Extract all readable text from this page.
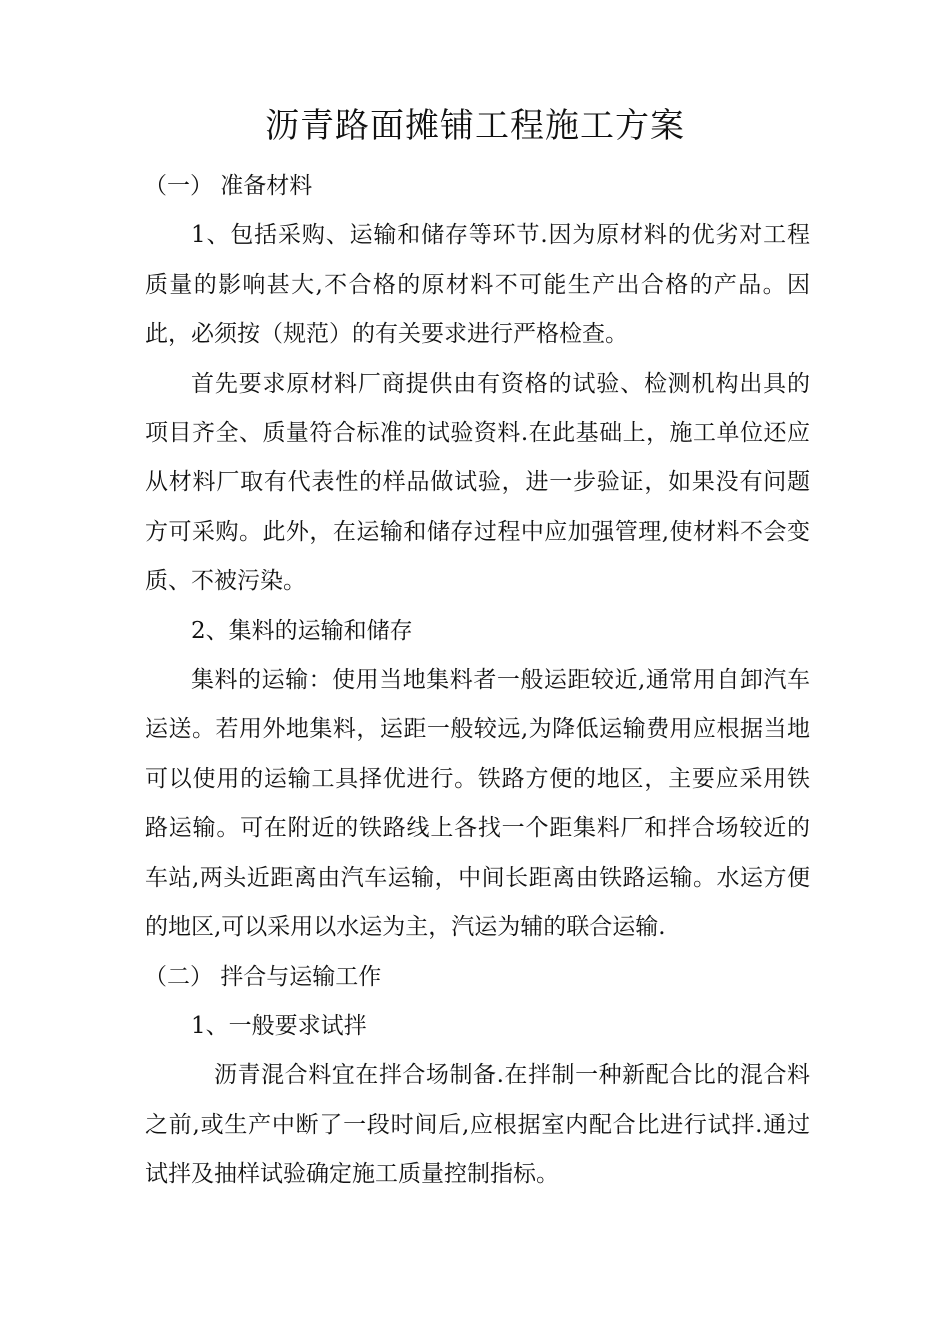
沥青路面摊铺工程施工方案

（一） 准备材料

1、包括采购、运输和储存等环节.因为原材料的优劣对工程质量的影响甚大,不合格的原材料不可能生产出合格的产品。因此，必须按（规范）的有关要求进行严格检查。

首先要求原材料厂商提供由有资格的试验、检测机构出具的项目齐全、质量符合标准的试验资料.在此基础上，施工单位还应从材料厂取有代表性的样品做试验，进一步验证，如果没有问题方可采购。此外，在运输和储存过程中应加强管理,使材料不会变质、不被污染。

2、集料的运输和储存

集料的运输：使用当地集料者一般运距较近,通常用自卸汽车运送。若用外地集料，运距一般较远,为降低运输费用应根据当地可以使用的运输工具择优进行。铁路方便的地区，主要应采用铁路运输。可在附近的铁路线上各找一个距集料厂和拌合场较近的车站,两头近距离由汽车运输，中间长距离由铁路运输。水运方便的地区,可以采用以水运为主，汽运为辅的联合运输.

（二） 拌合与运输工作

1、一般要求试拌

沥青混合料宜在拌合场制备.在拌制一种新配合比的混合料之前,或生产中断了一段时间后,应根据室内配合比进行试拌.通过试拌及抽样试验确定施工质量控制指标。
